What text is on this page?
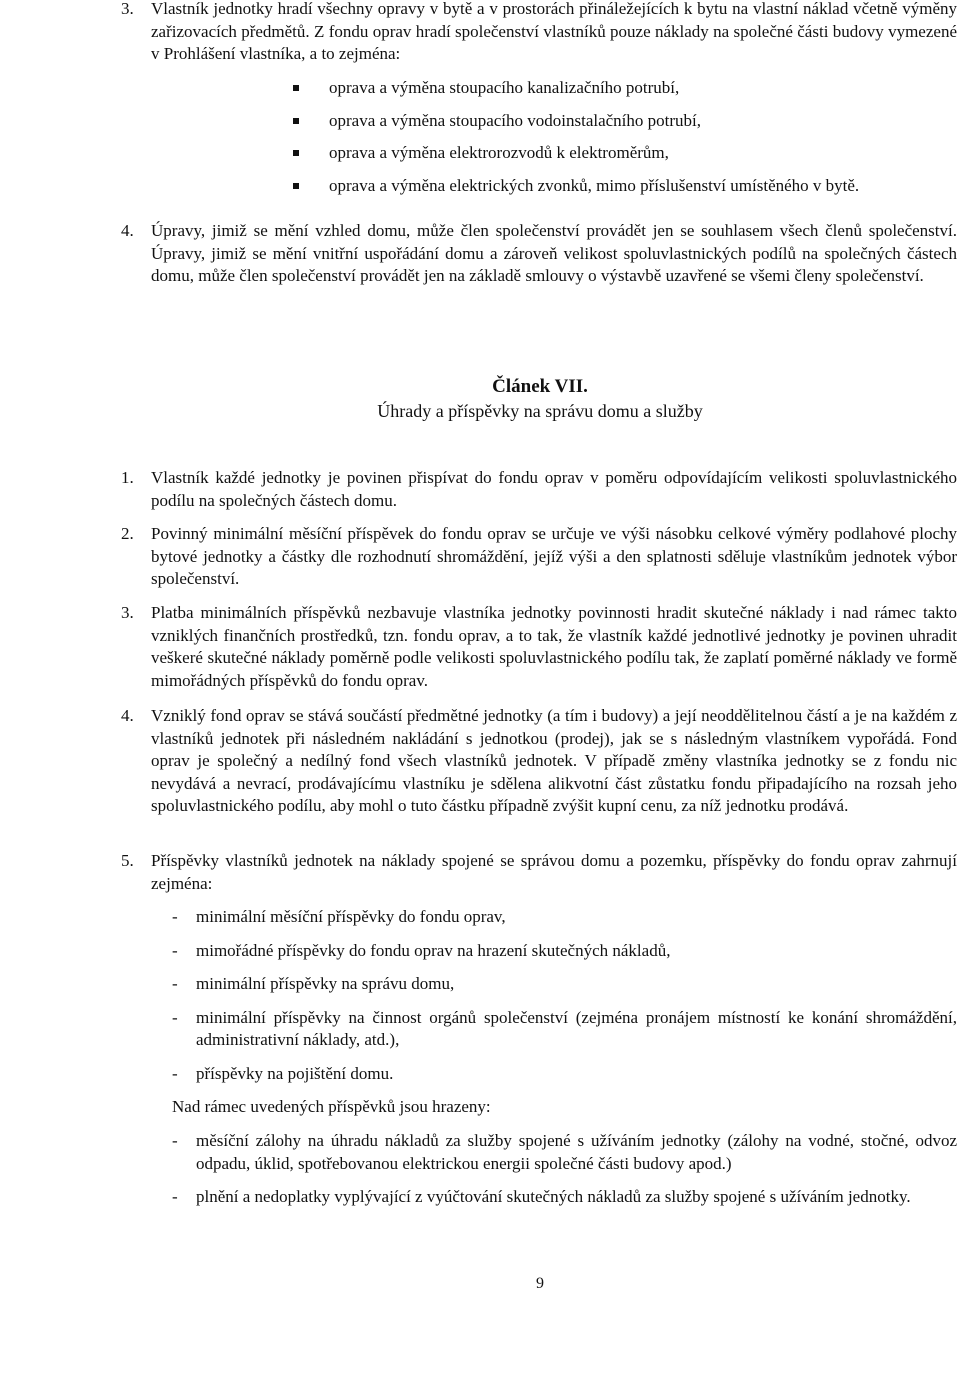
3. Vlastník jednotky hradí všechny opravy v bytě a v prostorách přináležejících k bytu na vlastní náklad včetně výměny zařizovacích předmětů. Z fondu oprav hradí společenství vlastníků pouze náklady na společné části budovy vymezené v Prohlášení vlastníka, a to zejména:
oprava a výměna stoupacího kanalizačního potrubí,
oprava a výměna stoupacího vodoinstalačního potrubí,
oprava a výměna elektrorozvodů k elektroměrům,
oprava a výměna elektrických zvonků, mimo příslušenství umístěného v bytě.
4. Úpravy, jimiž se mění vzhled domu, může člen společenství provádět jen se souhlasem všech členů společenství. Úpravy, jimiž se mění vnitřní uspořádání domu a zároveň velikost spoluvlastnických podílů na společných částech domu, může člen společenství provádět jen na základě smlouvy o výstavbě uzavřené se všemi členy společenství.
Článek VII.
Úhrady a příspěvky na správu domu a služby
1. Vlastník každé jednotky je povinen přispívat do fondu oprav v poměru odpovídajícím velikosti spoluvlastnického podílu na společných částech domu.
2. Povinný minimální měsíční příspěvek do fondu oprav se určuje ve výši násobku celkové výměry podlahové plochy bytové jednotky a částky dle rozhodnutí shromáždění, jejíž výši a den splatnosti sděluje vlastníkům jednotek výbor společenství.
3. Platba minimálních příspěvků nezbavuje vlastníka jednotky povinnosti hradit skutečné náklady i nad rámec takto vzniklých finančních prostředků, tzn. fondu oprav, a to tak, že vlastník každé jednotlivé jednotky je povinen uhradit veškeré skutečné náklady poměrně podle velikosti spoluvlastnického podílu tak, že zaplatí poměrné náklady ve formě mimořádných příspěvků do fondu oprav.
4. Vzniklý fond oprav se stává součástí předmětné jednotky (a tím i budovy) a její neoddělitelnou částí a je na každém z vlastníků jednotek při následném nakládání s jednotkou (prodej), jak se s následným vlastníkem vypořádá. Fond oprav je společný a nedílný fond všech vlastníků jednotek. V případě změny vlastníka jednotky se z fondu nic nevydává a nevrací, prodávajícímu vlastníku je sdělena alikvotní část zůstatku fondu připadajícího na rozsah jeho spoluvlastnického podílu, aby mohl o tuto částku případně zvýšit kupní cenu, za níž jednotku prodává.
5. Příspěvky vlastníků jednotek na náklady spojené se správou domu a pozemku, příspěvky do fondu oprav zahrnují zejména:
- minimální měsíční příspěvky do fondu oprav,
- mimořádné příspěvky do fondu oprav na hrazení skutečných nákladů,
- minimální příspěvky na správu domu,
- minimální příspěvky na činnost orgánů společenství (zejména pronájem místností ke konání shromáždění, administrativní náklady, atd.),
- příspěvky na pojištění domu.
Nad rámec uvedených příspěvků jsou hrazeny:
- měsíční zálohy na úhradu nákladů za služby spojené s užíváním jednotky (zálohy na vodné, stočné, odvoz odpadu, úklid, spotřebovanou elektrickou energii společné části budovy apod.)
- plnění a nedoplatky vyplývající z vyúčtování skutečných nákladů za služby spojené s užíváním jednotky.
9
